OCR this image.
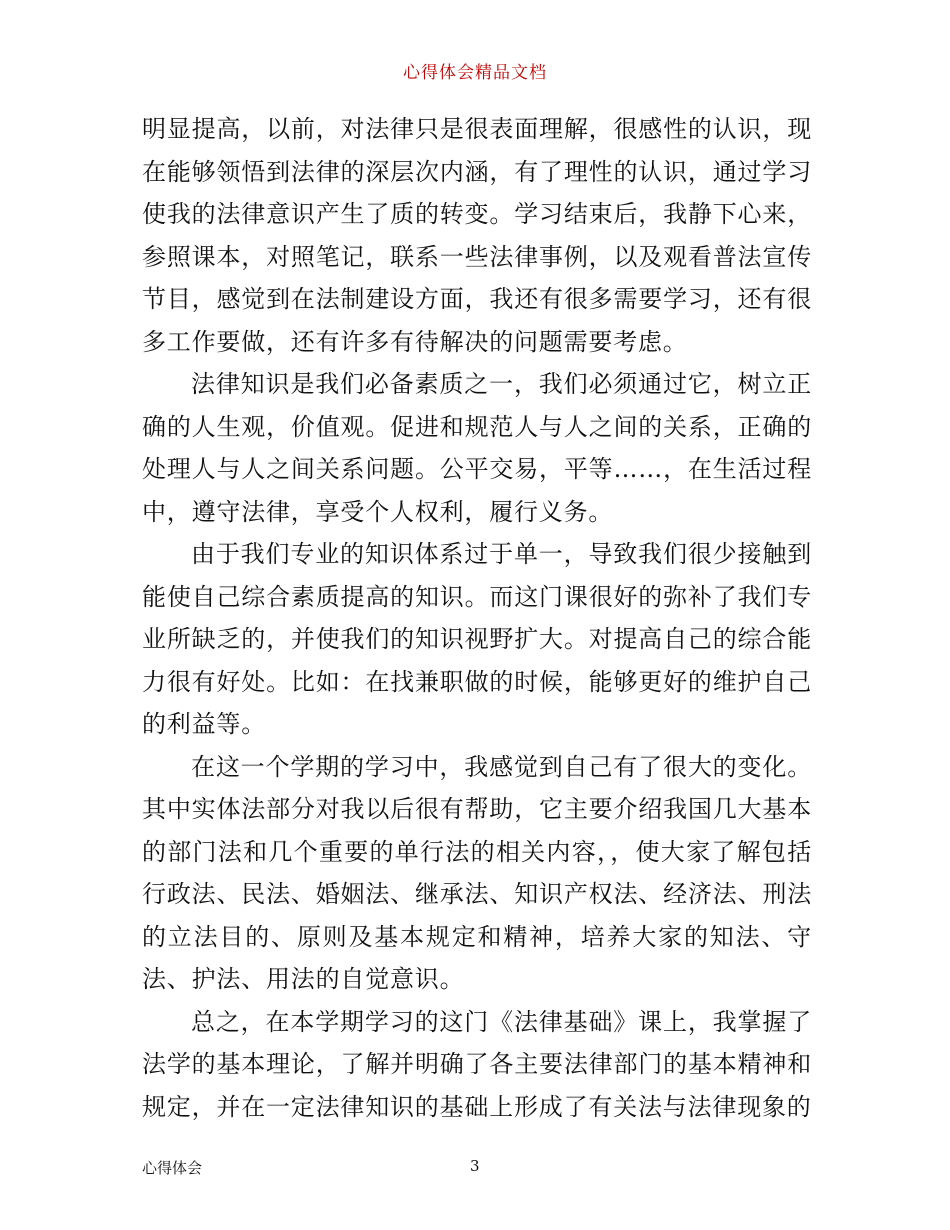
心得体会精品文档

明显提高，以前，对法律只是很表面理解，很感性的认识，现在能够领悟到法律的深层次内涵，有了理性的认识，通过学习使我的法律意识产生了质的转变。学习结束后，我静下心来，参照课本，对照笔记，联系一些法律事例，以及观看普法宣传节目，感觉到在法制建设方面，我还有很多需要学习，还有很多工作要做，还有许多有待解决的问题需要考虑。

法律知识是我们必备素质之一，我们必须通过它，树立正确的人生观，价值观。促进和规范人与人之间的关系，正确的处理人与人之间关系问题。公平交易，平等……，在生活过程中，遵守法律，享受个人权利，履行义务。

由于我们专业的知识体系过于单一，导致我们很少接触到能使自己综合素质提高的知识。而这门课很好的弥补了我们专业所缺乏的，并使我们的知识视野扩大。对提高自己的综合能力很有好处。比如：在找兼职做的时候，能够更好的维护自己的利益等。

在这一个学期的学习中，我感觉到自己有了很大的变化。其中实体法部分对我以后很有帮助，它主要介绍我国几大基本的部门法和几个重要的单行法的相关内容，，使大家了解包括行政法、民法、婚姻法、继承法、知识产权法、经济法、刑法的立法目的、原则及基本规定和精神，培养大家的知法、守法、护法、用法的自觉意识。

总之，在本学期学习的这门《法律基础》课上，我掌握了法学的基本理论，了解并明确了各主要法律部门的基本精神和规定，并在一定法律知识的基础上形成了有关法与法律现象的

心得体会	3
